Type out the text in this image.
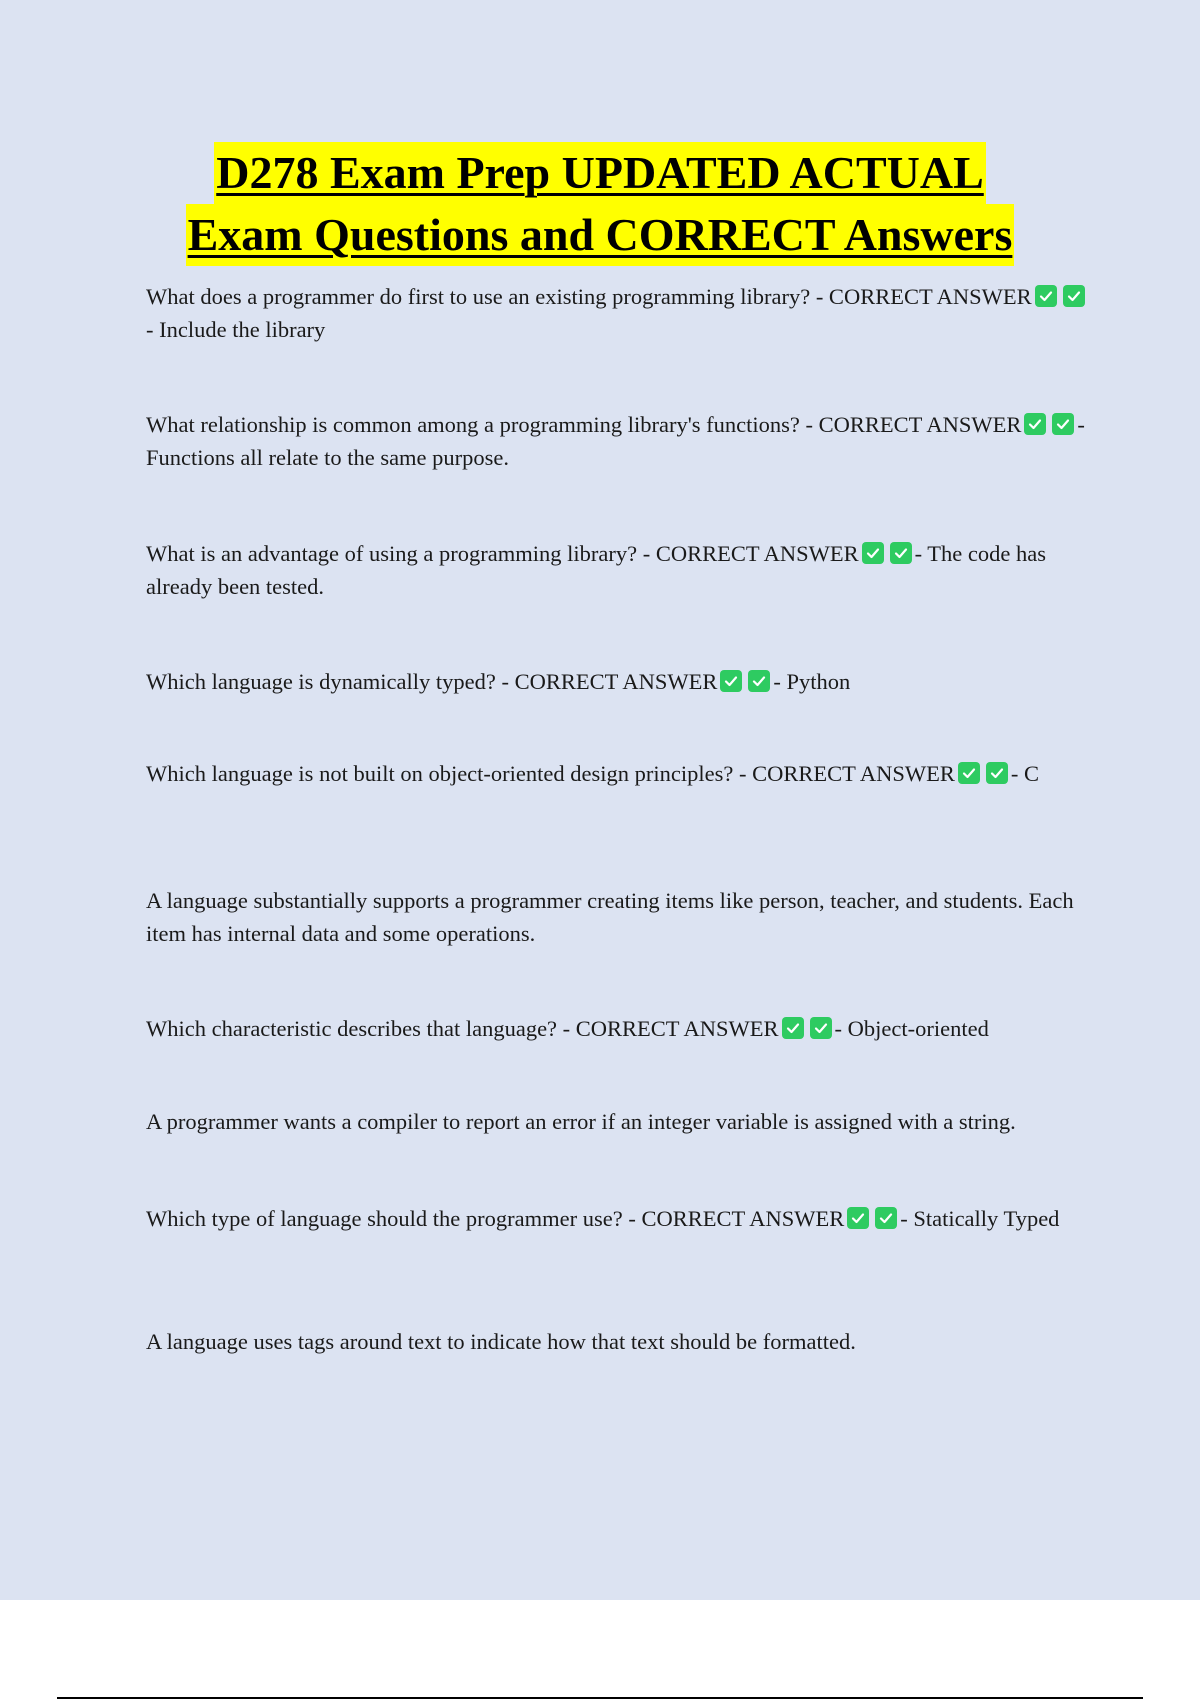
D278 Exam Prep UPDATED ACTUAL
Exam Questions and CORRECT Answers
What does a programmer do first to use an existing programming library? - CORRECT ANSWER
- Include the library
What relationship is common among a programming library's functions? - CORRECT ANSWER - Functions all relate to the same purpose.
What is an advantage of using a programming library? - CORRECT ANSWER - The code has already been tested.
Which language is dynamically typed? - CORRECT ANSWER - Python
Which language is not built on object-oriented design principles? - CORRECT ANSWER - C
A language substantially supports a programmer creating items like person, teacher, and students. Each item has internal data and some operations.
Which characteristic describes that language? - CORRECT ANSWER - Object-oriented
A programmer wants a compiler to report an error if an integer variable is assigned with a string.
Which type of language should the programmer use? - CORRECT ANSWER - Statically Typed
A language uses tags around text to indicate how that text should be formatted.
